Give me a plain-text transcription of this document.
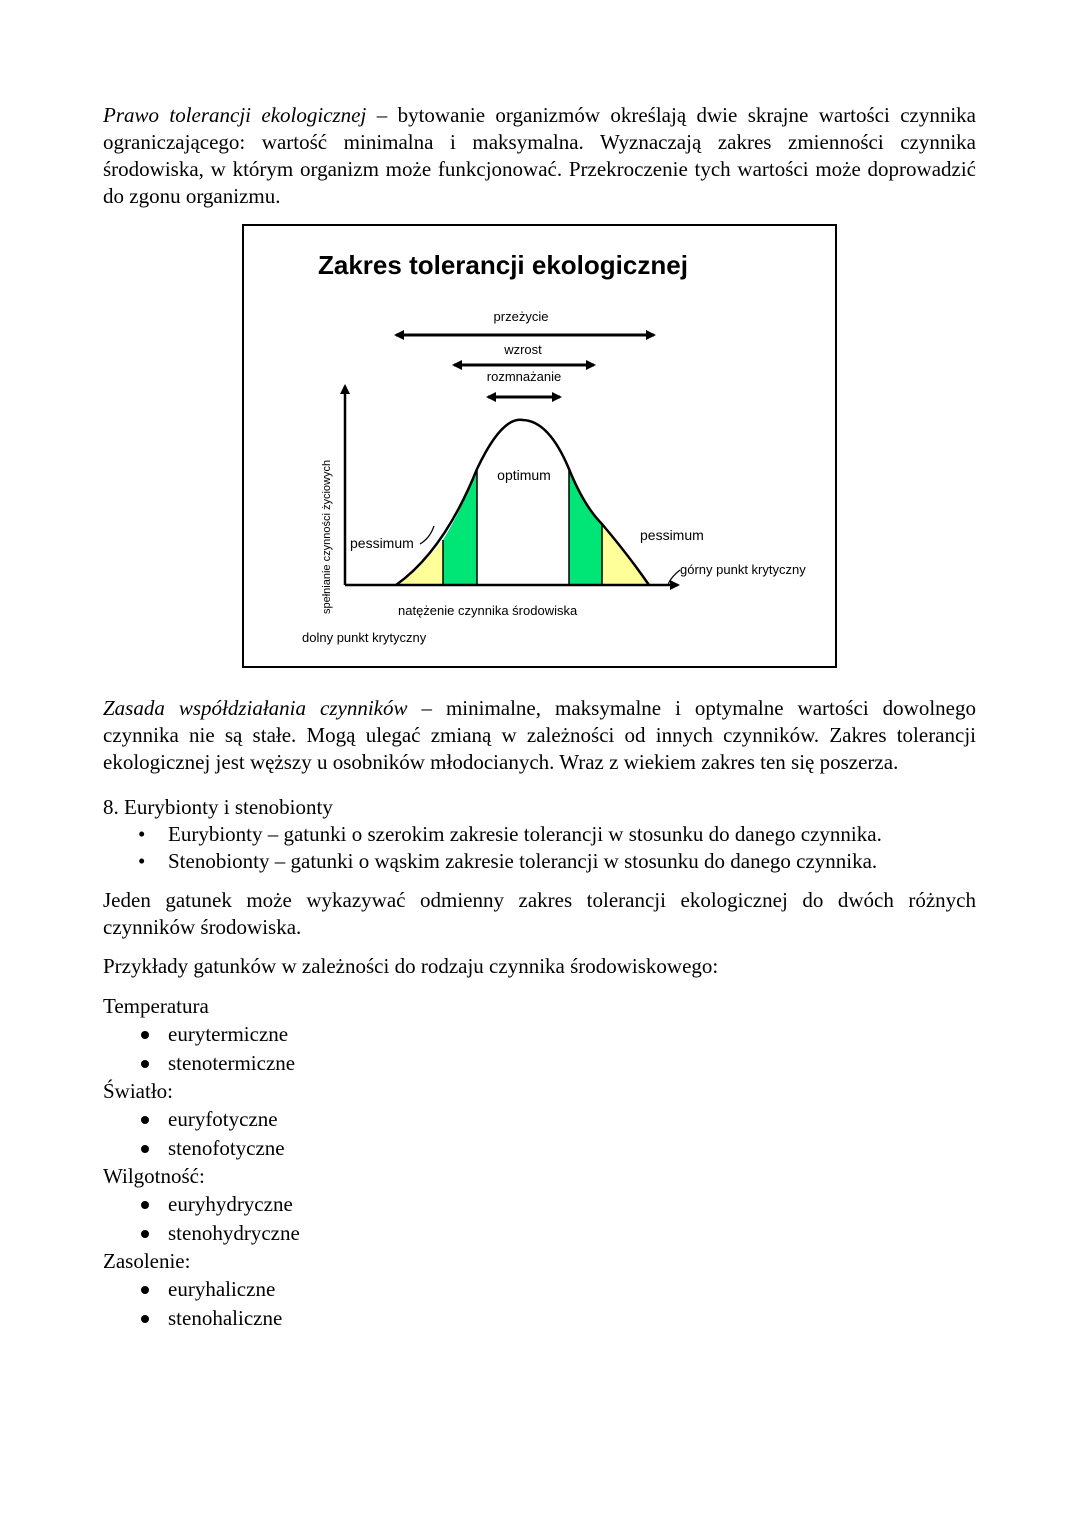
Prawo tolerancji ekologicznej – bytowanie organizmów określają dwie skrajne wartości czynnika ograniczającego: wartość minimalna i maksymalna. Wyznaczają zakres zmienności czynnika środowiska, w którym organizm może funkcjonować. Przekroczenie tych wartości może doprowadzić do zgonu organizmu.

Zakres tolerancji ekologicznej
przeżycie
wzrost
rozmnażanie
optimum
pessimum	pessimum
górny punkt krytyczny
natężenie czynnika środowiska
dolny punkt krytyczny
spełnianie czynności życiowych

Zasada współdziałania czynników – minimalne, maksymalne i optymalne wartości dowolnego czynnika nie są stałe. Mogą ulegać zmianą w zależności od innych czynników. Zakres tolerancji ekologicznej jest węższy u osobników młodocianych. Wraz z wiekiem zakres ten się poszerza.

8. Eurybionty i stenobionty
• Eurybionty – gatunki o szerokim zakresie tolerancji w stosunku do danego czynnika.
• Stenobionty – gatunki o wąskim zakresie tolerancji w stosunku do danego czynnika.

Jeden gatunek może wykazywać odmienny zakres tolerancji ekologicznej do dwóch różnych czynników środowiska.

Przykłady gatunków w zależności do rodzaju czynnika środowiskowego:

Temperatura
eurytermiczne
stenotermiczne
Światło:
euryfotyczne
stenofotyczne
Wilgotność:
euryhydryczne
stenohydryczne
Zasolenie:
euryhaliczne
stenohaliczne
